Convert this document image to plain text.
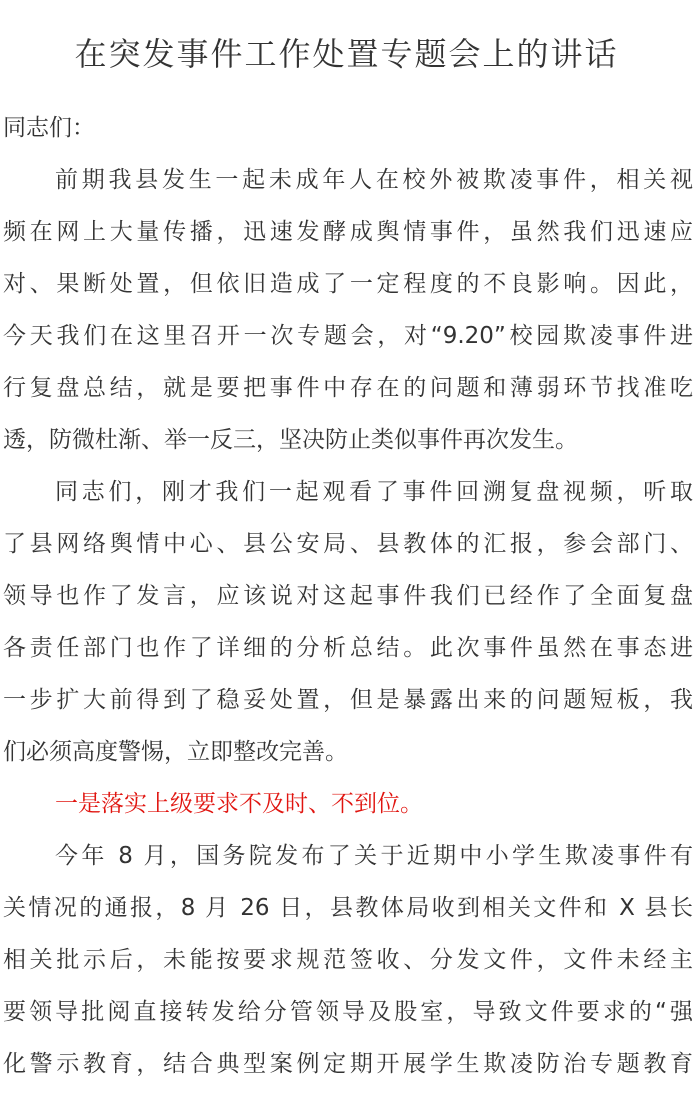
在突发事件工作处置专题会上的讲话
同志们：
前期我县发生一起未成年人在校外被欺凌事件，相关视
频在网上大量传播，迅速发酵成舆情事件，虽然我们迅速应
对、果断处置，但依旧造成了一定程度的不良影响。因此，
今天我们在这里召开一次专题会，对“9.20”校园欺凌事件进
行复盘总结，就是要把事件中存在的问题和薄弱环节找准吃
透，防微杜渐、举一反三，坚决防止类似事件再次发生。
同志们，刚才我们一起观看了事件回溯复盘视频，听取
了县网络舆情中心、县公安局、县教体的汇报，参会部门、
领导也作了发言，应该说对这起事件我们已经作了全面复盘
各责任部门也作了详细的分析总结。此次事件虽然在事态进
一步扩大前得到了稳妥处置，但是暴露出来的问题短板，我
们必须高度警惕，立即整改完善。
一是落实上级要求不及时、不到位。
今年 8 月，国务院发布了关于近期中小学生欺凌事件有
关情况的通报，8 月 26 日，县教体局收到相关文件和 X 县长
相关批示后，未能按要求规范签收、分发文件，文件未经主
要领导批阅直接转发给分管领导及股室，导致文件要求的“强
化警示教育，结合典型案例定期开展学生欺凌防治专题教育
